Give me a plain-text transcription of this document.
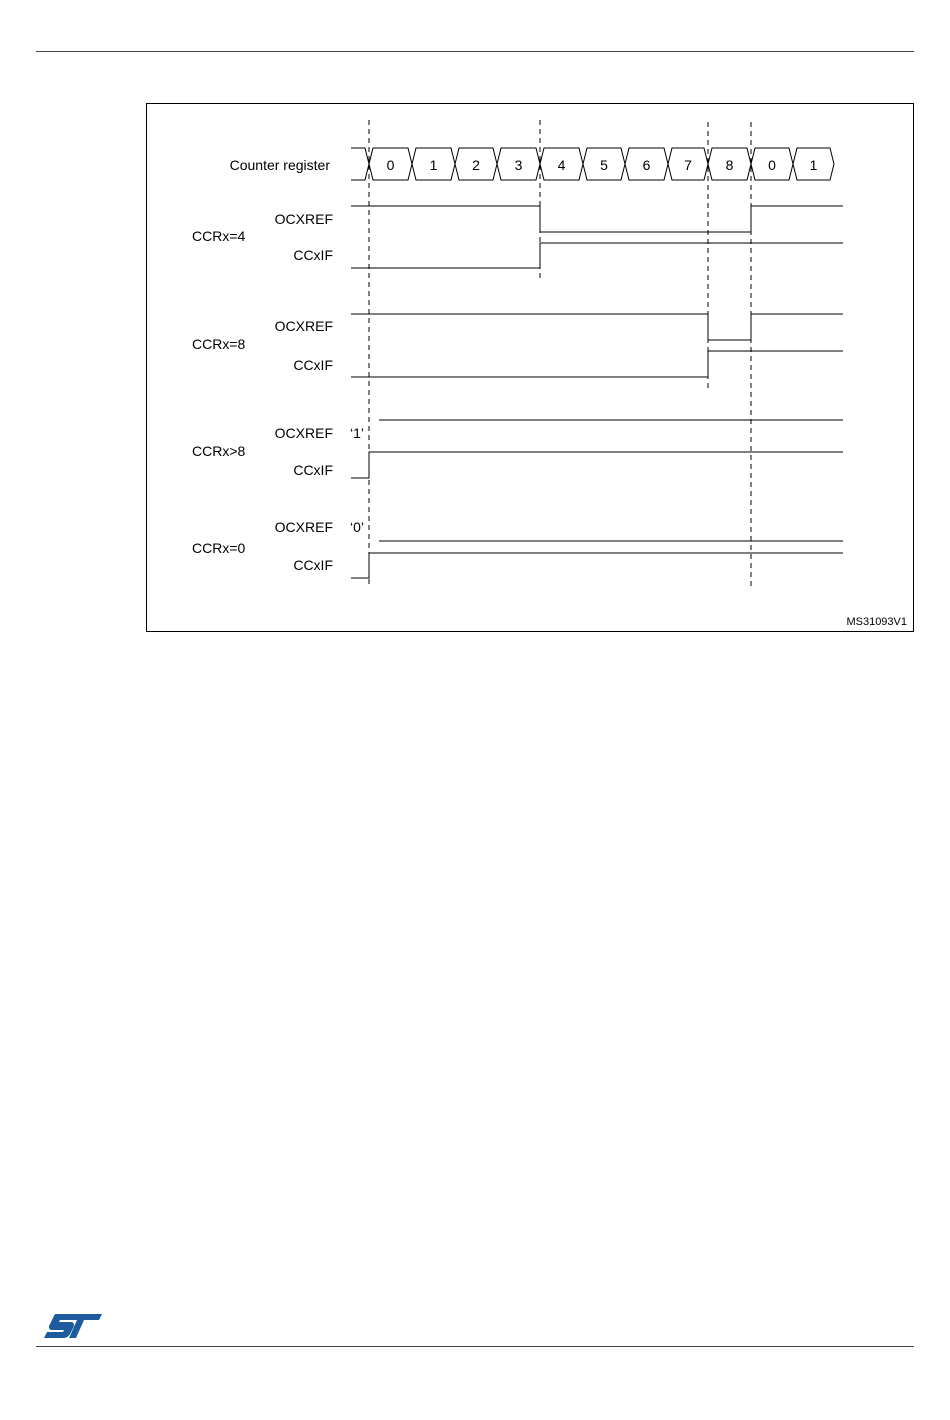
Counter register
CCRx=4
OCXREF
CCxIF
CCRx=8
OCXREF
CCxIF
CCRx>8
OCXREF
CCxIF
‘1’
CCRx=0
OCXREF
CCxIF
‘0’
MS31093V1
0	1 2 3	4 5 6 7 8 0 1
